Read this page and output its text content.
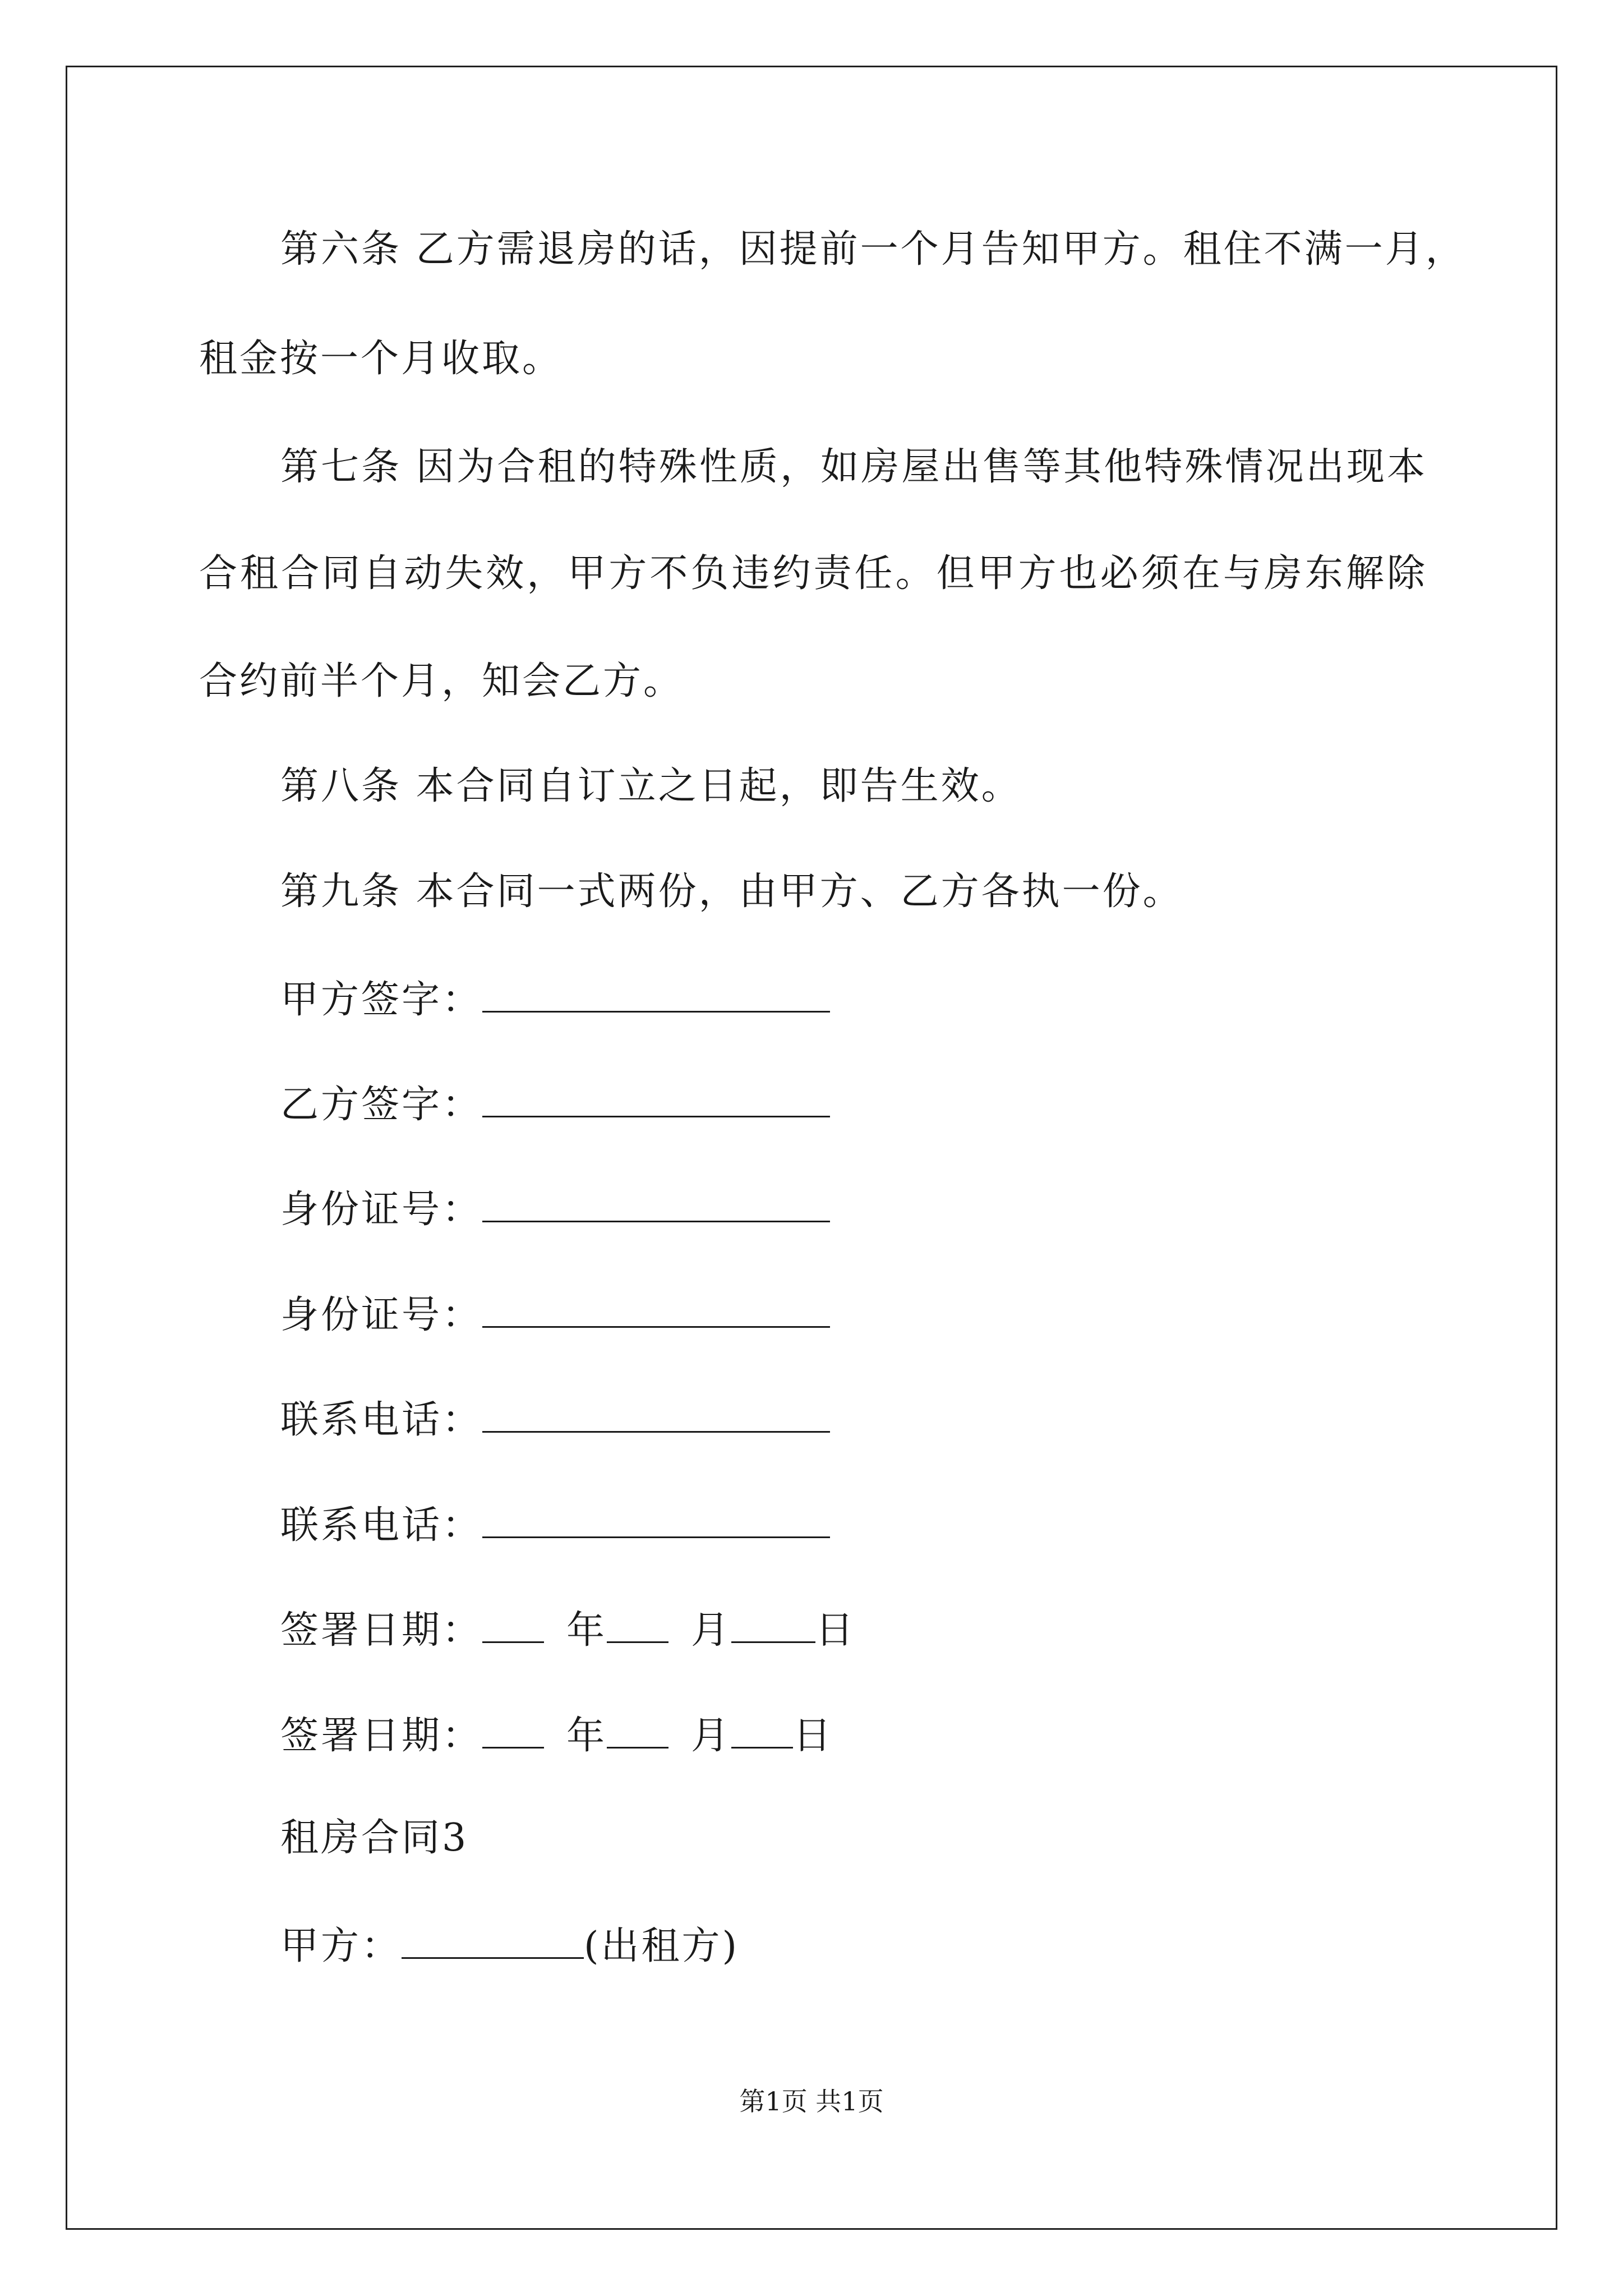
第六条 乙方需退房的话，因提前一个月告知甲方。租住不满一月，
租金按一个月收取。
第七条 因为合租的特殊性质，如房屋出售等其他特殊情况出现本
合租合同自动失效，甲方不负违约责任。但甲方也必须在与房东解除
合约前半个月，知会乙方。
第八条 本合同自订立之日起，即告生效。
第九条 本合同一式两份，由甲方、乙方各执一份。
甲方签字：
乙方签字：
身份证号：
身份证号：
联系电话：
联系电话：
签署日期： 年 月 日
签署日期： 年 月 日
租房合同3
甲方：	(出租方)
第1页 共1页
